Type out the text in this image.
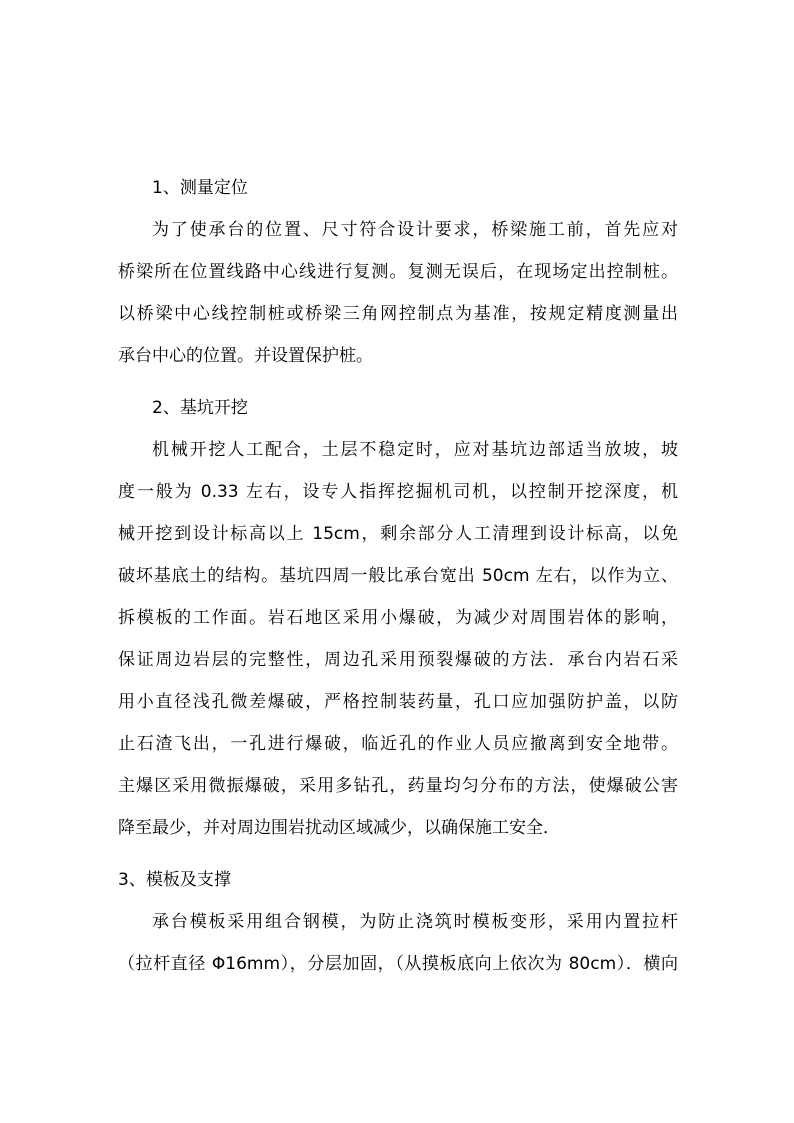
1、测量定位
为了使承台的位置、尺寸符合设计要求，桥梁施工前，首先应对
桥梁所在位置线路中心线进行复测。复测无误后，在现场定出控制桩。
以桥梁中心线控制桩或桥梁三角网控制点为基准，按规定精度测量出
承台中心的位置。并设置保护桩。
2、基坑开挖
机械开挖人工配合，土层不稳定时，应对基坑边部适当放坡，坡
度一般为 0.33 左右，设专人指挥挖掘机司机，以控制开挖深度，机
械开挖到设计标高以上 15cm，剩余部分人工清理到设计标高，以免
破坏基底土的结构。基坑四周一般比承台宽出 50cm 左右，以作为立、
拆模板的工作面。岩石地区采用小爆破，为减少对周围岩体的影响，
保证周边岩层的完整性，周边孔采用预裂爆破的方法．承台内岩石采
用小直径浅孔微差爆破，严格控制装药量，孔口应加强防护盖，以防
止石渣飞出，一孔进行爆破，临近孔的作业人员应撤离到安全地带。
主爆区采用微振爆破，采用多钻孔，药量均匀分布的方法，使爆破公害
降至最少，并对周边围岩扰动区域减少，以确保施工安全．
3、模板及支撑
承台模板采用组合钢模，为防止浇筑时模板变形，采用内置拉杆
（拉杆直径 Φ16mm），分层加固，（从摸板底向上依次为 80cm）．横向
